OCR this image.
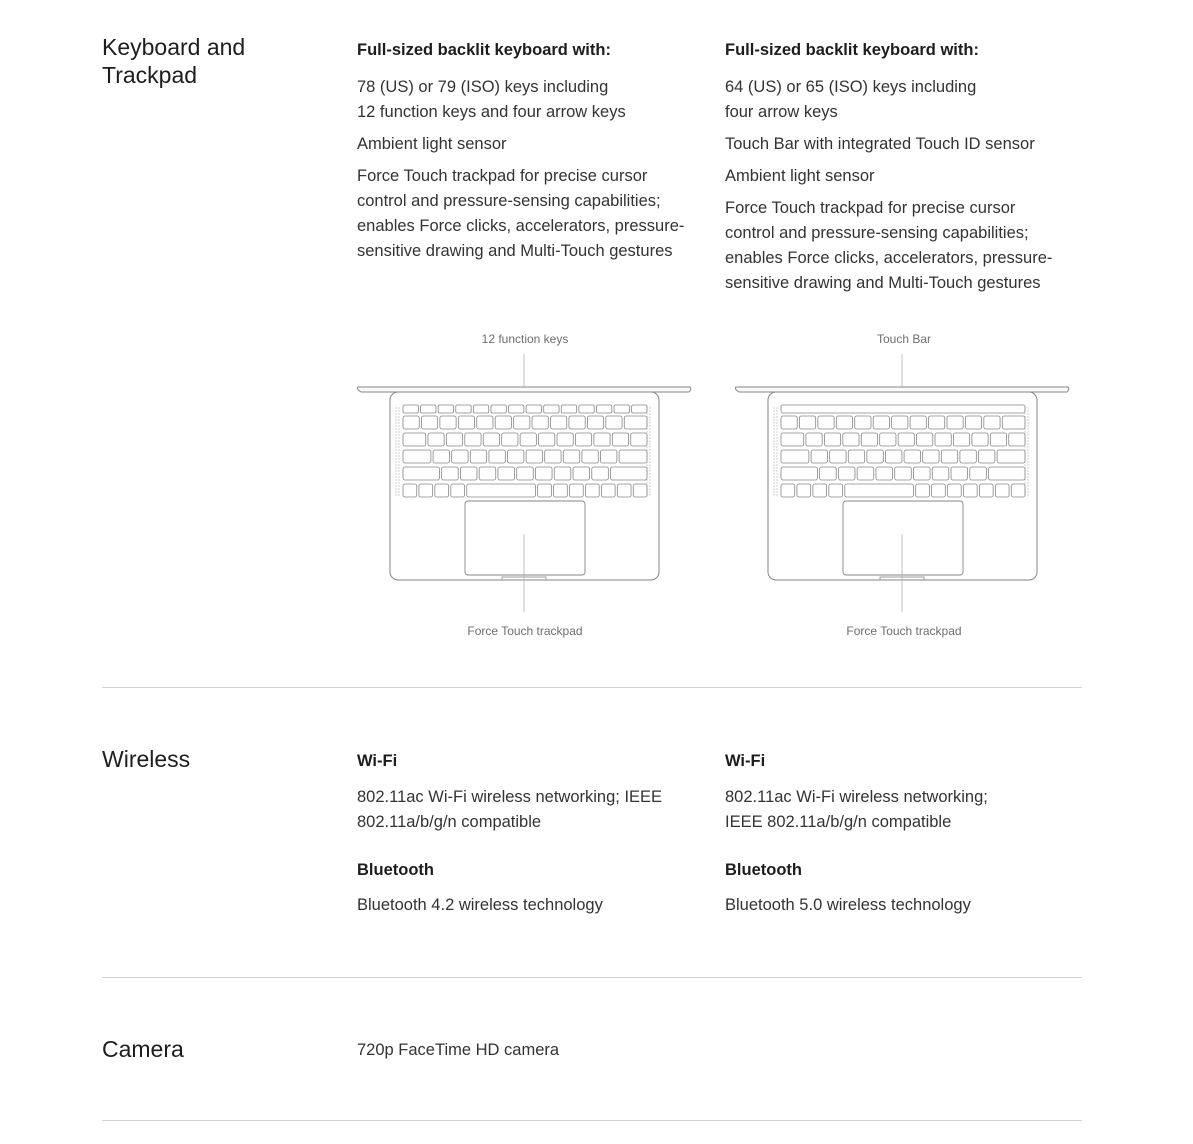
Keyboard and Trackpad
Full-sized backlit keyboard with:
78 (US) or 79 (ISO) keys including
12 function keys and four arrow keys
Ambient light sensor
Force Touch trackpad for precise cursor
control and pressure-sensing capabilities;
enables Force clicks, accelerators, pressure-
sensitive drawing and Multi-Touch gestures
Full-sized backlit keyboard with:
64 (US) or 65 (ISO) keys including
four arrow keys
Touch Bar with integrated Touch ID sensor
Ambient light sensor
Force Touch trackpad for precise cursor
control and pressure-sensing capabilities;
enables Force clicks, accelerators, pressure-
sensitive drawing and Multi-Touch gestures
12 function keys
Force Touch trackpad
Touch Bar
Force Touch trackpad
Wireless	Wi-Fi

802.11ac Wi-Fi wireless networking; IEEE 802.11a/b/g/n compatible

Bluetooth

Bluetooth 4.2 wireless technology

Wi-Fi

802.11ac Wi-Fi wireless networking;
IEEE 802.11a/b/g/n compatible

Bluetooth

Bluetooth 5.0 wireless technology

Camera	720p FaceTime HD camera
